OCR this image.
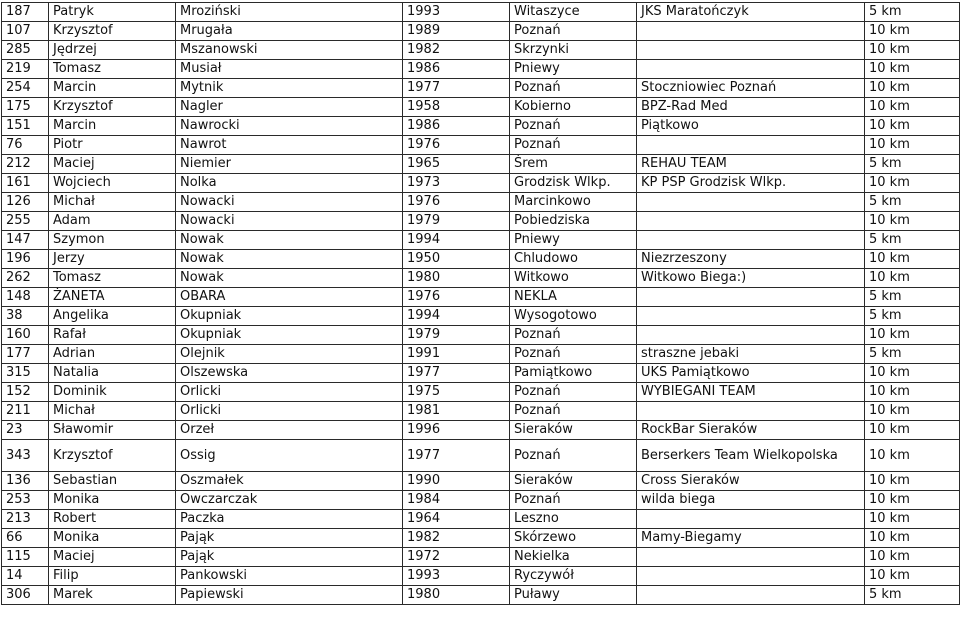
187	Patryk	Mroziński	1993	Witaszyce	JKS Maratończyk	5 km
107	Krzysztof	Mrugała	1989	Poznań		10 km
285	Jędrzej	Mszanowski	1982	Skrzynki		10 km
219	Tomasz	Musiał	1986	Pniewy		10 km
254	Marcin	Mytnik	1977	Poznań	Stoczniowiec Poznań	10 km
175	Krzysztof	Nagler	1958	Kobierno	BPZ-Rad Med	10 km
151	Marcin	Nawrocki	1986	Poznań	Piątkowo	10 km
76	Piotr	Nawrot	1976	Poznań		10 km
212	Maciej	Niemier	1965	Śrem	REHAU TEAM	5 km
161	Wojciech	Nolka	1973	Grodzisk Wlkp.	KP PSP Grodzisk Wlkp.	10 km
126	Michał	Nowacki	1976	Marcinkowo		5 km
255	Adam	Nowacki	1979	Pobiedziska		10 km
147	Szymon	Nowak	1994	Pniewy		5 km
196	Jerzy	Nowak	1950	Chludowo	Niezrzeszony	10 km
262	Tomasz	Nowak	1980	Witkowo	Witkowo Biega:)	10 km
148	ŻANETA	OBARA	1976	NEKLA		5 km
38	Angelika	Okupniak	1994	Wysogotowo		5 km
160	Rafał	Okupniak	1979	Poznań		10 km
177	Adrian	Olejnik	1991	Poznań	straszne jebaki	5 km
315	Natalia	Olszewska	1977	Pamiątkowo	UKS Pamiątkowo	10 km
152	Dominik	Orlicki	1975	Poznań	WYBIEGANI TEAM	10 km
211	Michał	Orlicki	1981	Poznań		10 km
23	Sławomir	Orzeł	1996	Sieraków	RockBar Sieraków	10 km
343	Krzysztof	Ossig	1977	Poznań	Berserkers Team Wielkopolska	10 km
136	Sebastian	Oszmałek	1990	Sieraków	Cross Sieraków	10 km
253	Monika	Owczarczak	1984	Poznań	wilda biega	10 km
213	Robert	Paczka	1964	Leszno		10 km
66	Monika	Pająk	1982	Skórzewo	Mamy-Biegamy	10 km
115	Maciej	Pająk	1972	Nekielka		10 km
14	Filip	Pankowski	1993	Ryczywół		10 km
306	Marek	Papiewski	1980	Puławy		5 km
